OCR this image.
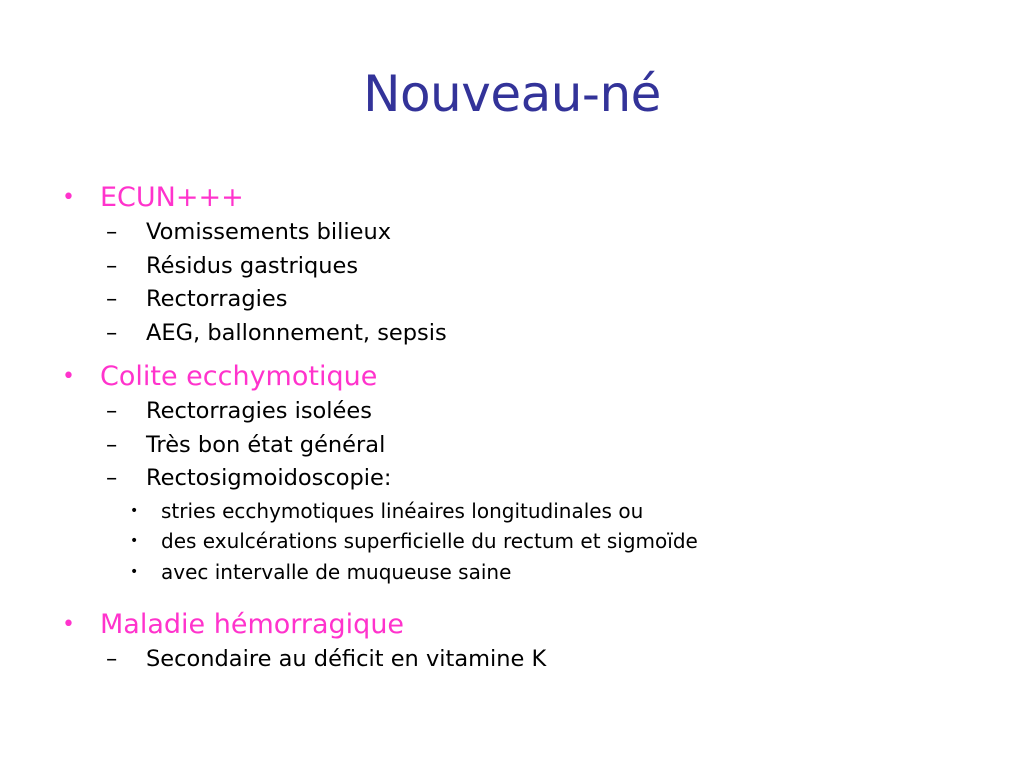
Nouveau-né
• ECUN+++
– Vomissements bilieux
– Résidus gastriques
– Rectorragies
– AEG, ballonnement, sepsis
• Colite ecchymotique
– Rectorragies isolées
– Très bon état général
– Rectosigmoidoscopie:
• stries ecchymotiques linéaires longitudinales ou
• des exulcérations superficielle du rectum et sigmoïde
• avec intervalle de muqueuse saine
• Maladie hémorragique
– Secondaire au déficit en vitamine K
